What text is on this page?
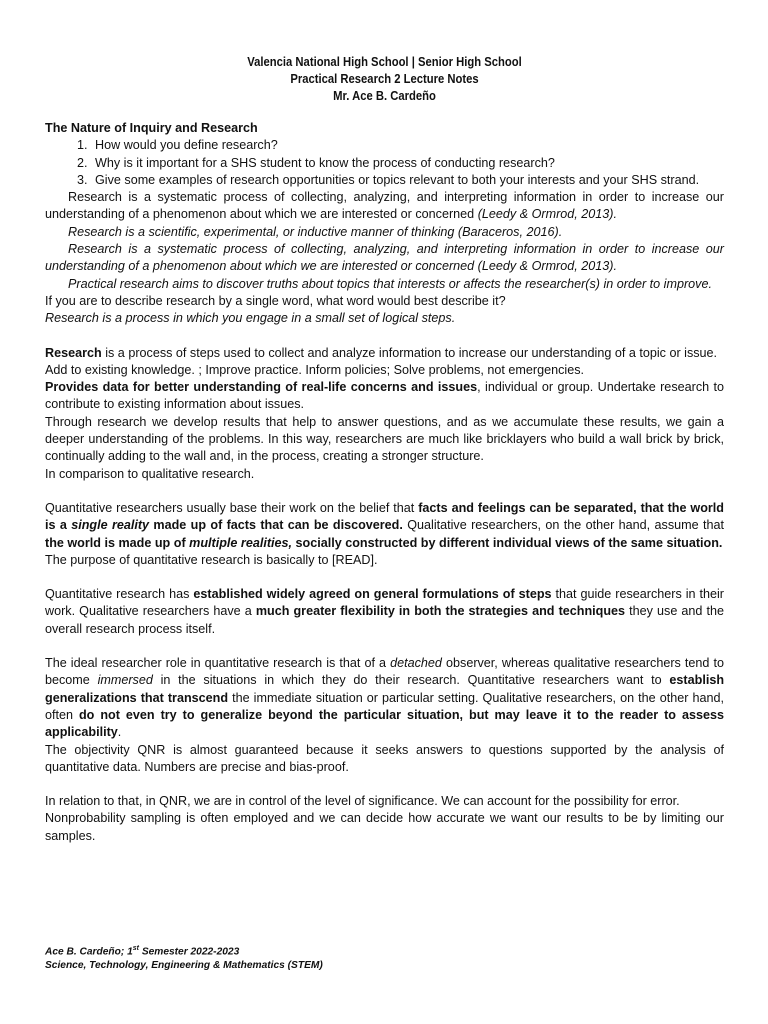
Valencia National High School | Senior High School
Practical Research 2 Lecture Notes
Mr. Ace B. Cardeño
The Nature of Inquiry and Research
1. How would you define research?
2. Why is it important for a SHS student to know the process of conducting research?
3. Give some examples of research opportunities or topics relevant to both your interests and your SHS strand.

Research is a systematic process of collecting, analyzing, and interpreting information in order to increase our understanding of a phenomenon about which we are interested or concerned (Leedy & Ormrod, 2013).

Research is a scientific, experimental, or inductive manner of thinking (Baraceros, 2016).

Research is a systematic process of collecting, analyzing, and interpreting information in order to increase our understanding of a phenomenon about which we are interested or concerned (Leedy & Ormrod, 2013).

Practical research aims to discover truths about topics that interests or affects the researcher(s) in order to improve.

If you are to describe research by a single word, what word would best describe it?

Research is a process in which you engage in a small set of logical steps.

Research is a process of steps used to collect and analyze information to increase our understanding of a topic or issue.

Add to existing knowledge. ; Improve practice. Inform policies; Solve problems, not emergencies.

Provides data for better understanding of real-life concerns and issues, individual or group. Undertake research to contribute to existing information about issues.

Through research we develop results that help to answer questions, and as we accumulate these results, we gain a deeper understanding of the problems. In this way, researchers are much like bricklayers who build a wall brick by brick, continually adding to the wall and, in the process, creating a stronger structure.

In comparison to qualitative research.

Quantitative researchers usually base their work on the belief that facts and feelings can be separated, that the world is a single reality made up of facts that can be discovered. Qualitative researchers, on the other hand, assume that the world is made up of multiple realities, socially constructed by different individual views of the same situation.

The purpose of quantitative research is basically to [READ].

Quantitative research has established widely agreed on general formulations of steps that guide researchers in their work. Qualitative researchers have a much greater flexibility in both the strategies and techniques they use and the overall research process itself.

The ideal researcher role in quantitative research is that of a detached observer, whereas qualitative researchers tend to become immersed in the situations in which they do their research. Quantitative researchers want to establish generalizations that transcend the immediate situation or particular setting. Qualitative researchers, on the other hand, often do not even try to generalize beyond the particular situation, but may leave it to the reader to assess applicability.

The objectivity QNR is almost guaranteed because it seeks answers to questions supported by the analysis of quantitative data. Numbers are precise and bias-proof.

In relation to that, in QNR, we are in control of the level of significance. We can account for the possibility for error.

Nonprobability sampling is often employed and we can decide how accurate we want our results to be by limiting our samples.

Ace B. Cardeño; 1st Semester 2022-2023
Science, Technology, Engineering & Mathematics (STEM)
